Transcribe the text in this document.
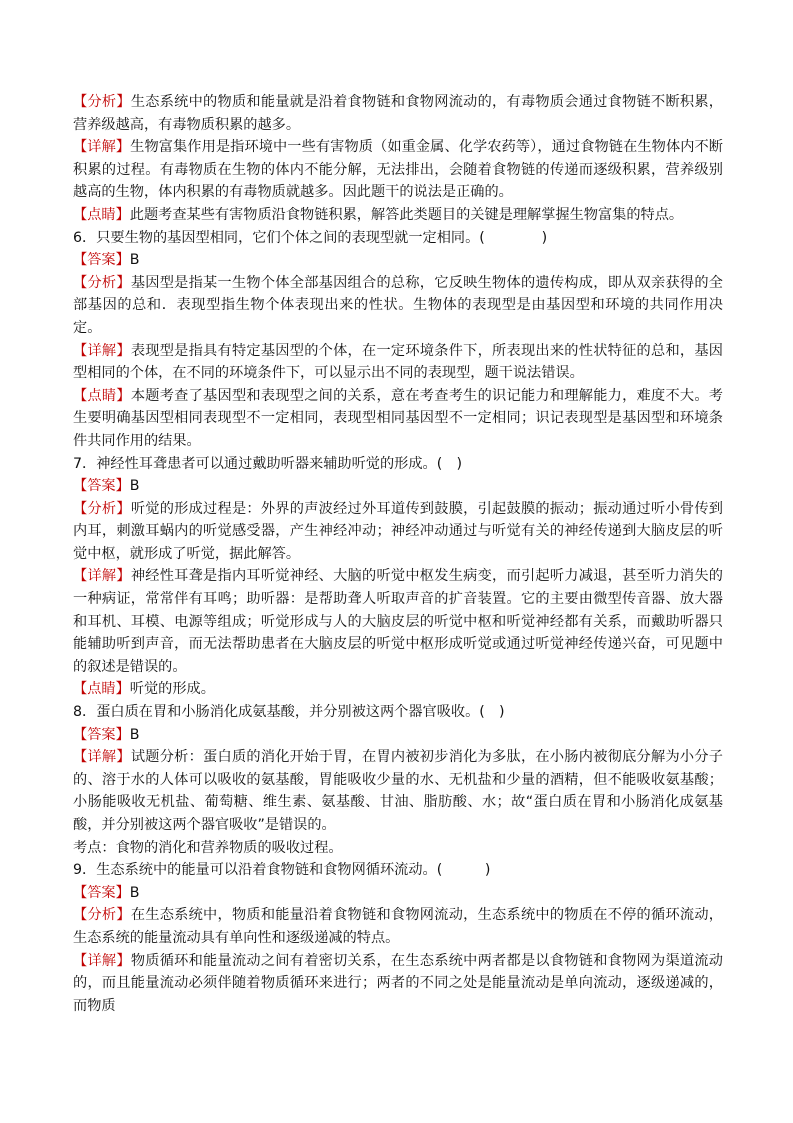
【分析】生态系统中的物质和能量就是沿着食物链和食物网流动的，有毒物质会通过食物链不断积累，营养级越高，有毒物质积累的越多。

【详解】生物富集作用是指环境中一些有害物质（如重金属、化学农药等），通过食物链在生物体内不断积累的过程。有毒物质在生物的体内不能分解，无法排出，会随着食物链的传递而逐级积累，营养级别越高的生物，体内积累的有毒物质就越多。因此题干的说法是正确的。

【点睛】此题考查某些有害物质沿食物链积累，解答此类题目的关键是理解掌握生物富集的特点。

6．只要生物的基因型相同，它们个体之间的表现型就一定相同。(　　　　)

【答案】B

【分析】基因型是指某一生物个体全部基因组合的总称，它反映生物体的遗传构成，即从双亲获得的全部基因的总和．表现型指生物个体表现出来的性状。生物体的表现型是由基因型和环境的共同作用决定。

【详解】表现型是指具有特定基因型的个体，在一定环境条件下，所表现出来的性状特征的总和，基因型相同的个体，在不同的环境条件下，可以显示出不同的表现型，题干说法错误。

【点睛】本题考查了基因型和表现型之间的关系，意在考查考生的识记能力和理解能力，难度不大。考生要明确基因型相同表现型不一定相同，表现型相同基因型不一定相同；识记表现型是基因型和环境条件共同作用的结果。

7．神经性耳聋患者可以通过戴助听器来辅助听觉的形成。(　)

【答案】B

【分析】听觉的形成过程是：外界的声波经过外耳道传到鼓膜，引起鼓膜的振动；振动通过听小骨传到内耳，刺激耳蜗内的听觉感受器，产生神经冲动；神经冲动通过与听觉有关的神经传递到大脑皮层的听觉中枢，就形成了听觉，据此解答。

【详解】神经性耳聋是指内耳听觉神经、大脑的听觉中枢发生病变，而引起听力减退，甚至听力消失的一种病证，常常伴有耳鸣；助听器：是帮助聋人听取声音的扩音装置。它的主要由微型传音器、放大器和耳机、耳模、电源等组成；听觉形成与人的大脑皮层的听觉中枢和听觉神经都有关系，而戴助听器只能辅助听到声音，而无法帮助患者在大脑皮层的听觉中枢形成听觉或通过听觉神经传递兴奋，可见题中的叙述是错误的。

【点睛】听觉的形成。

8．蛋白质在胃和小肠消化成氨基酸，并分别被这两个器官吸收。(　)

【答案】B

【详解】试题分析：蛋白质的消化开始于胃，在胃内被初步消化为多肽，在小肠内被彻底分解为小分子的、溶于水的人体可以吸收的氨基酸，胃能吸收少量的水、无机盐和少量的酒精，但不能吸收氨基酸；小肠能吸收无机盐、葡萄糖、维生素、氨基酸、甘油、脂肪酸、水；故“蛋白质在胃和小肠消化成氨基酸，并分别被这两个器官吸收”是错误的。

考点：食物的消化和营养物质的吸收过程。

9．生态系统中的能量可以沿着食物链和食物网循环流动。(　　　)

【答案】B

【分析】在生态系统中，物质和能量沿着食物链和食物网流动，生态系统中的物质在不停的循环流动，生态系统的能量流动具有单向性和逐级递减的特点。

【详解】物质循环和能量流动之间有着密切关系，在生态系统中两者都是以食物链和食物网为渠道流动的，而且能量流动必须伴随着物质循环来进行；两者的不同之处是能量流动是单向流动，逐级递减的，而物质
